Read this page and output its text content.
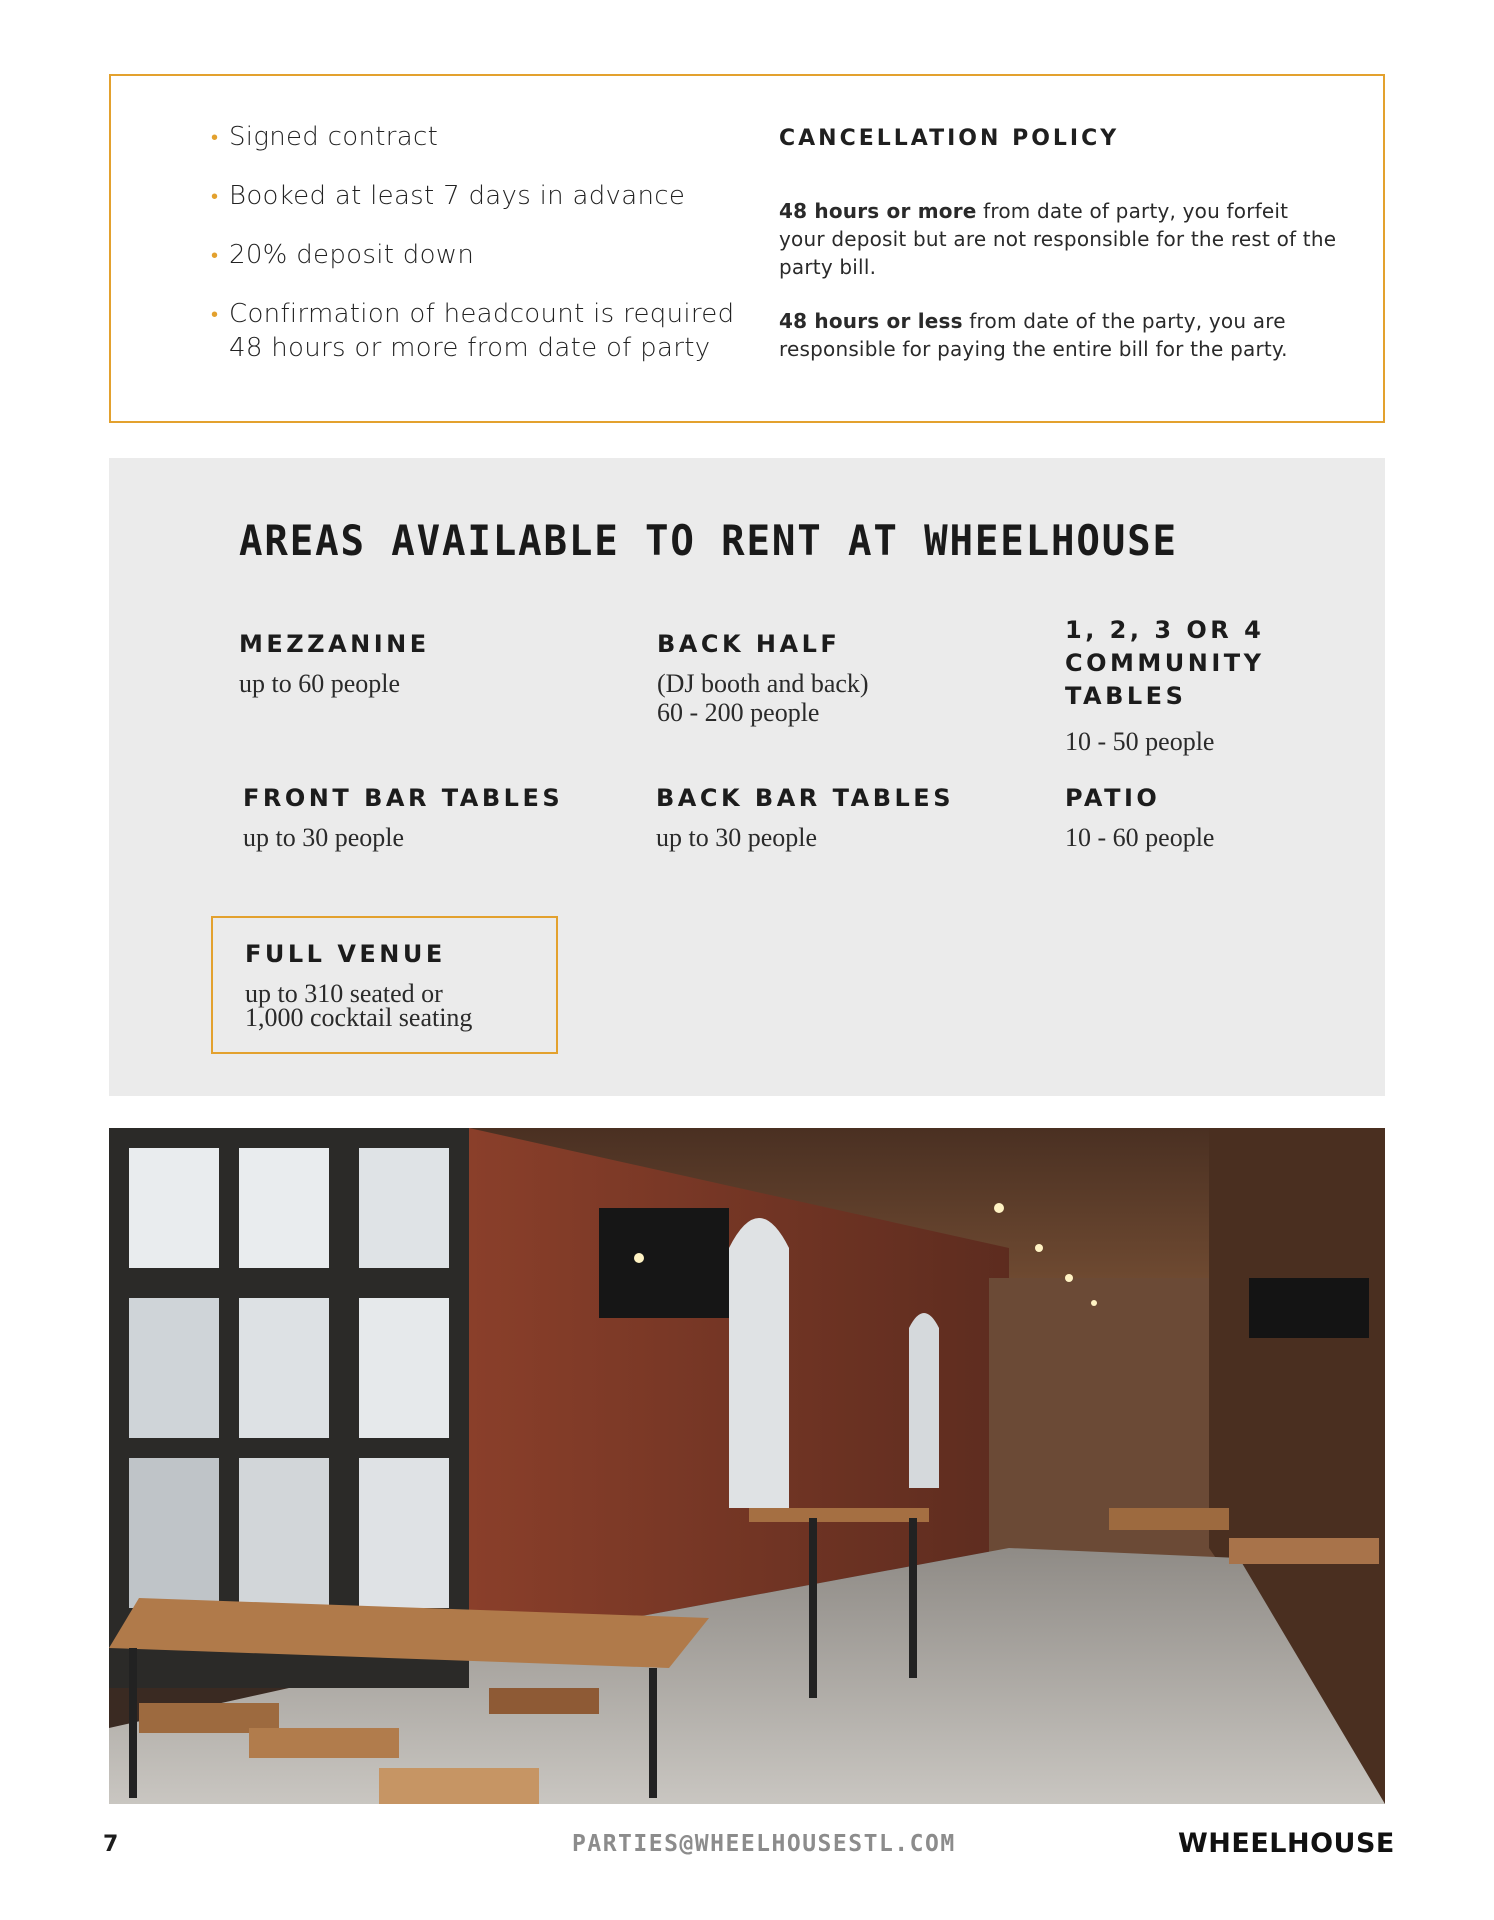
• Signed contract
• Booked at least 7 days in advance
• 20% deposit down
• Confirmation of headcount is required
48 hours or more from date of party
CANCELLATION POLICY

48 hours or more from date of party, you forfeit your deposit but are not responsible for the rest of the party bill.

48 hours or less from date of the party, you are responsible for paying the entire bill for the party.

AREAS AVAILABLE TO RENT AT WHEELHOUSE

MEZZANINE

up to 60 people

BACK HALF

(DJ booth and back)
60 - 200 people

1, 2, 3 OR 4
COMMUNITY
TABLES

10 - 50 people

FRONT BAR TABLES

up to 30 people

BACK BAR TABLES

up to 30 people

PATIO

10 - 60 people

FULL VENUE

up to 310 seated or
1,000 cocktail seating

7	PARTIES@WHEELHOUSESTL.COM	WHEELHOUSE
